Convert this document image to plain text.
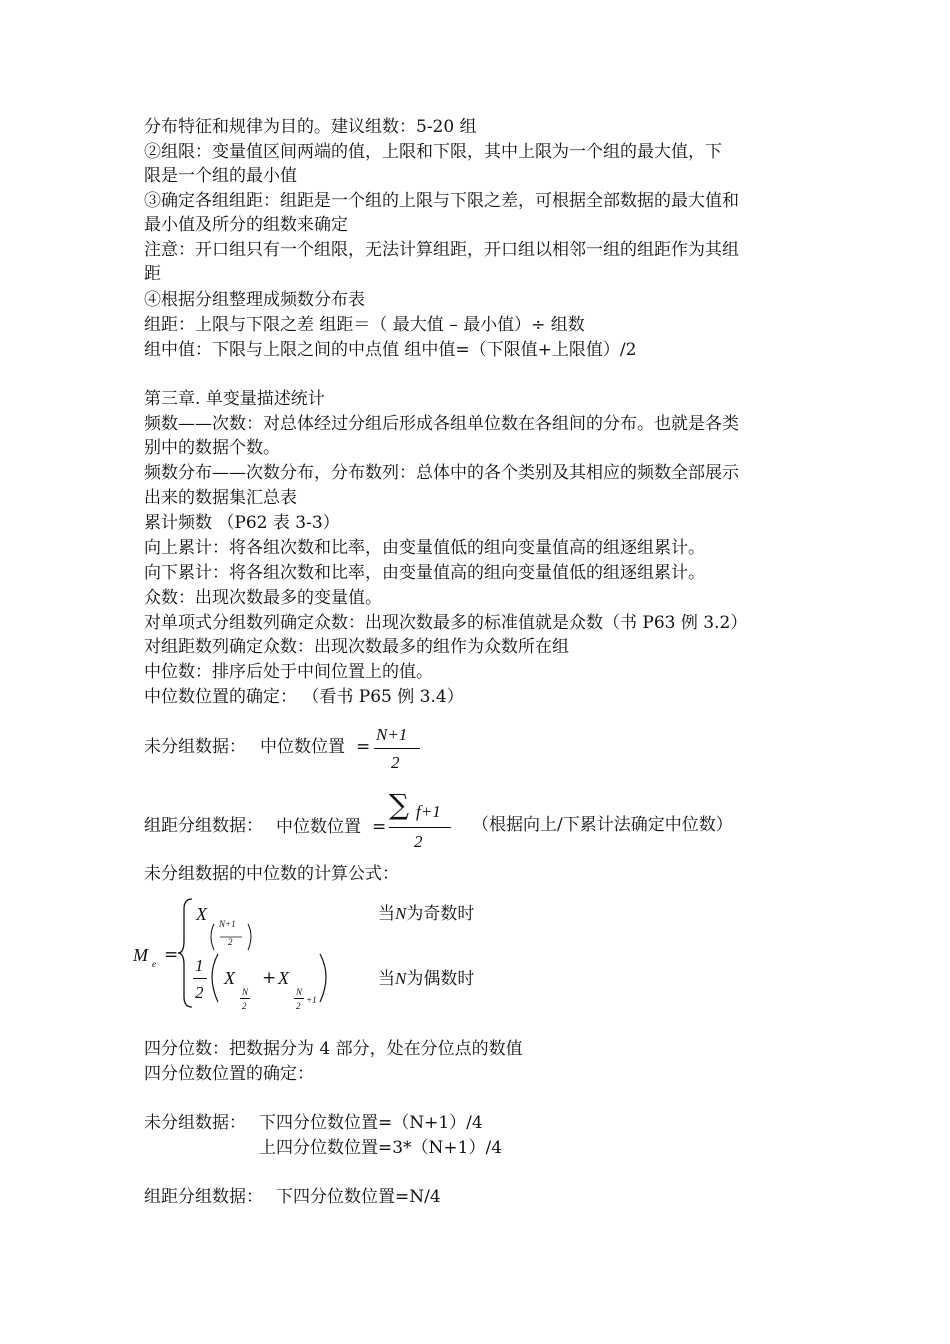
分布特征和规律为目的。建议组数：5-20 组
②组限：变量值区间两端的值，上限和下限，其中上限为一个组的最大值，下
限是一个组的最小值
③确定各组组距：组距是一个组的上限与下限之差，可根据全部数据的最大值和
最小值及所分的组数来确定
注意：开口组只有一个组限，无法计算组距，开口组以相邻一组的组距作为其组
距
④根据分组整理成频数分布表
组距：上限与下限之差 组距＝（ 最大值 – 最小值）÷ 组数
组中值：下限与上限之间的中点值 组中值=（下限值+上限值）/2
第三章. 单变量描述统计
频数——次数：对总体经过分组后形成各组单位数在各组间的分布。也就是各类
别中的数据个数。
频数分布——次数分布，分布数列：总体中的各个类别及其相应的频数全部展示
出来的数据集汇总表
累计频数 （P62 表 3-3）
向上累计：将各组次数和比率，由变量值低的组向变量值高的组逐组累计。
向下累计：将各组次数和比率，由变量值高的组向变量值低的组逐组累计。
众数：出现次数最多的变量值。
对单项式分组数列确定众数：出现次数最多的标准值就是众数（书 P63 例 3.2）
对组距数列确定众数：出现次数最多的组作为众数所在组
中位数：排序后处于中间位置上的值。
中位数位置的确定： （看书 P65 例 3.4）
未分组数据： 中位数位置 =
N+1
2
组距分组数据： 中位数位置 =
∑ f+1
2
（根据向上/下累计法确定中位数）
未分组数据的中位数的计算公式：
M e =
X N+1
2
当N为奇数时
1
2
X
N
2
+ X
N
2
+1
当N为偶数时
四分位数：把数据分为 4 部分，处在分位点的数值
四分位数位置的确定：
未分组数据： 下四分位数位置=（N+1）/4
上四分位数位置=3*（N+1）/4
组距分组数据： 下四分位数位置=N/4
